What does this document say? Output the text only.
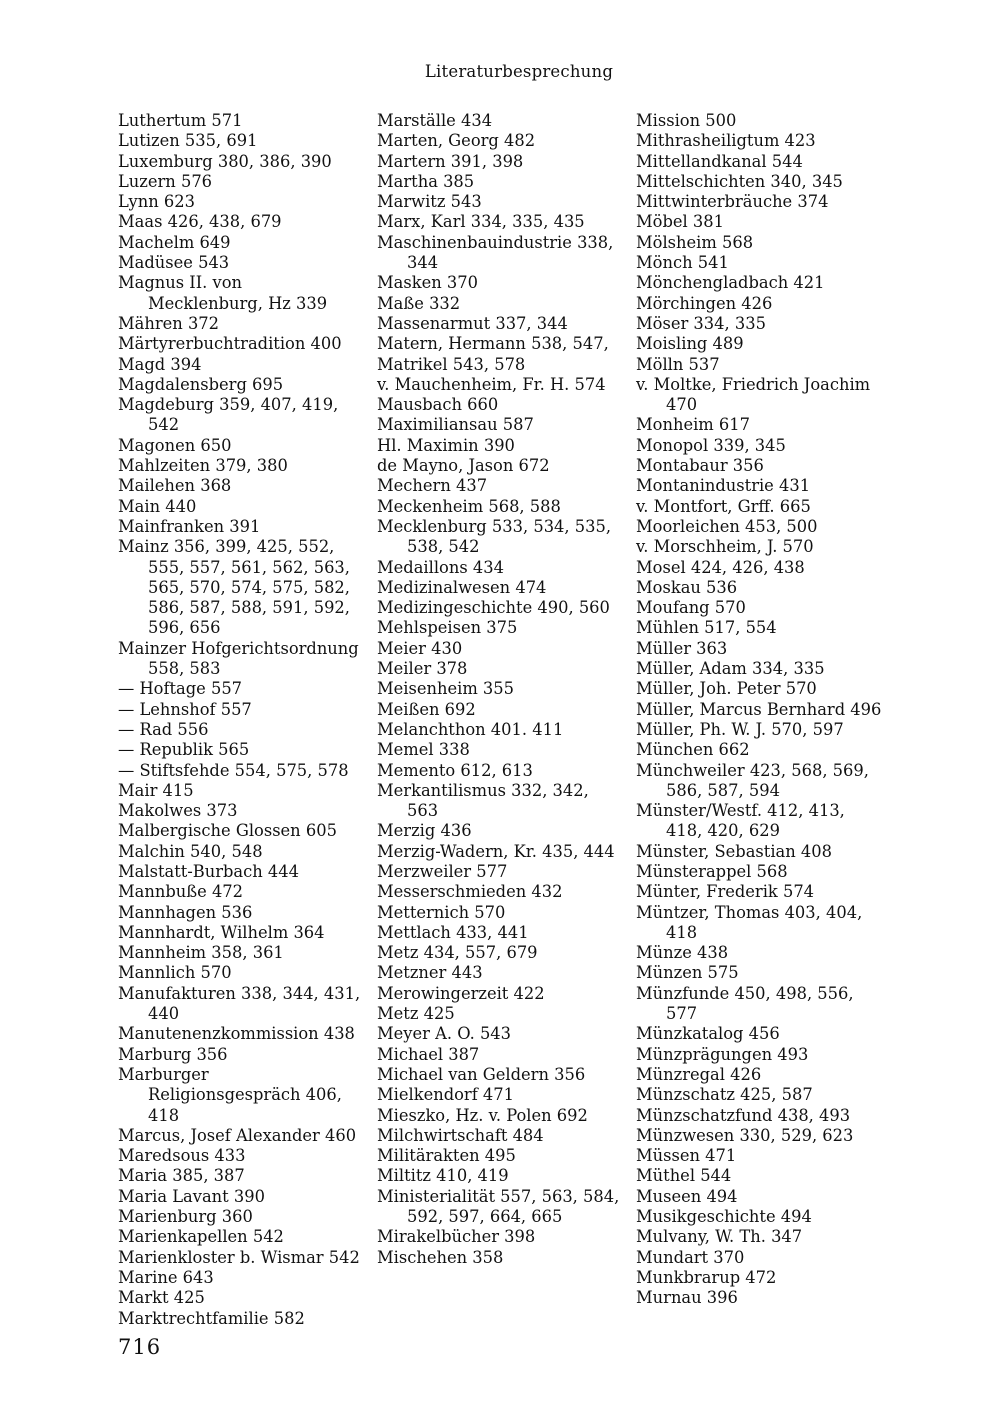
Literaturbesprechung
Luthertum 571
Lutizen 535, 691
Luxemburg 380, 386, 390
Luzern 576
Lynn 623
Maas 426, 438, 679
Machelm 649
Madüsee 543
Magnus II. von Mecklenburg, Hz 339
Mähren 372
Märtyrerbuchtradition 400
Magd 394
Magdalensberg 695
Magdeburg 359, 407, 419, 542
Magonen 650
Mahlzeiten 379, 380
Mailehen 368
Main 440
Mainfranken 391
Mainz 356, 399, 425, 552, 555, 557, 561, 562, 563, 565, 570, 574, 575, 582, 586, 587, 588, 591, 592, 596, 656
Mainzer Hofgerichtsordnung 558, 583
— Hoftage 557
— Lehnshof 557
— Rad 556
— Republik 565
— Stiftsfehde 554, 575, 578
Mair 415
Makolwes 373
Malbergische Glossen 605
Malchin 540, 548
Malstatt-Burbach 444
Mannbuße 472
Mannhagen 536
Mannhardt, Wilhelm 364
Mannheim 358, 361
Mannlich 570
Manufakturen 338, 344, 431, 440
Manutenenzkommission 438
Marburg 356
Marburger Religionsgespräch 406, 418
Marcus, Josef Alexander 460
Maredsous 433
Maria 385, 387
Maria Lavant 390
Marienburg 360
Marienkapellen 542
Marienkloster b. Wismar 542
Marine 643
Markt 425
Marktrechtfamilie 582
Marställe 434
Marten, Georg 482
Martern 391, 398
Martha 385
Marwitz 543
Marx, Karl 334, 335, 435
Maschinenbauindustrie 338, 344
Masken 370
Maße 332
Massenarmut 337, 344
Matern, Hermann 538, 547,
Matrikel 543, 578
v. Mauchenheim, Fr. H. 574
Mausbach 660
Maximiliansau 587
Hl. Maximin 390
de Mayno, Jason 672
Mechern 437
Meckenheim 568, 588
Mecklenburg 533, 534, 535, 538, 542
Medaillons 434
Medizinalwesen 474
Medizingeschichte 490, 560
Mehlspeisen 375
Meier 430
Meiler 378
Meisenheim 355
Meißen 692
Melanchthon 401. 411
Memel 338
Memento 612, 613
Merkantilismus 332, 342, 563
Merzig 436
Merzig-Wadern, Kr. 435, 444
Merzweiler 577
Messerschmieden 432
Metternich 570
Mettlach 433, 441
Metz 434, 557, 679
Metzner 443
Merowingerzeit 422
Metz 425
Meyer A. O. 543
Michael 387
Michael van Geldern 356
Mielkendorf 471
Mieszko, Hz. v. Polen 692
Milchwirtschaft 484
Militärakten 495
Miltitz 410, 419
Ministerialität 557, 563, 584, 592, 597, 664, 665
Mirakelbücher 398
Mischehen 358
Mission 500
Mithrasheiligtum 423
Mittellandkanal 544
Mittelschichten 340, 345
Mittwinterbräuche 374
Möbel 381
Mölsheim 568
Mönch 541
Mönchengladbach 421
Mörchingen 426
Möser 334, 335
Moisling 489
Mölln 537
v. Moltke, Friedrich Joachim 470
Monheim 617
Monopol 339, 345
Montabaur 356
Montanindustrie 431
v. Montfort, Grff. 665
Moorleichen 453, 500
v. Morschheim, J. 570
Mosel 424, 426, 438
Moskau 536
Moufang 570
Mühlen 517, 554
Müller 363
Müller, Adam 334, 335
Müller, Joh. Peter 570
Müller, Marcus Bernhard 496
Müller, Ph. W. J. 570, 597
München 662
Münchweiler 423, 568, 569, 586, 587, 594
Münster/Westf. 412, 413, 418, 420, 629
Münster, Sebastian 408
Münsterappel 568
Münter, Frederik 574
Müntzer, Thomas 403, 404, 418
Münze 438
Münzen 575
Münzfunde 450, 498, 556, 577
Münzkatalog 456
Münzprägungen 493
Münzregal 426
Münzschatz 425, 587
Münzschatzfund 438, 493
Münzwesen 330, 529, 623
Müssen 471
Müthel 544
Museen 494
Musikgeschichte 494
Mulvany, W. Th. 347
Mundart 370
Munkbrarup 472
Murnau 396
716
